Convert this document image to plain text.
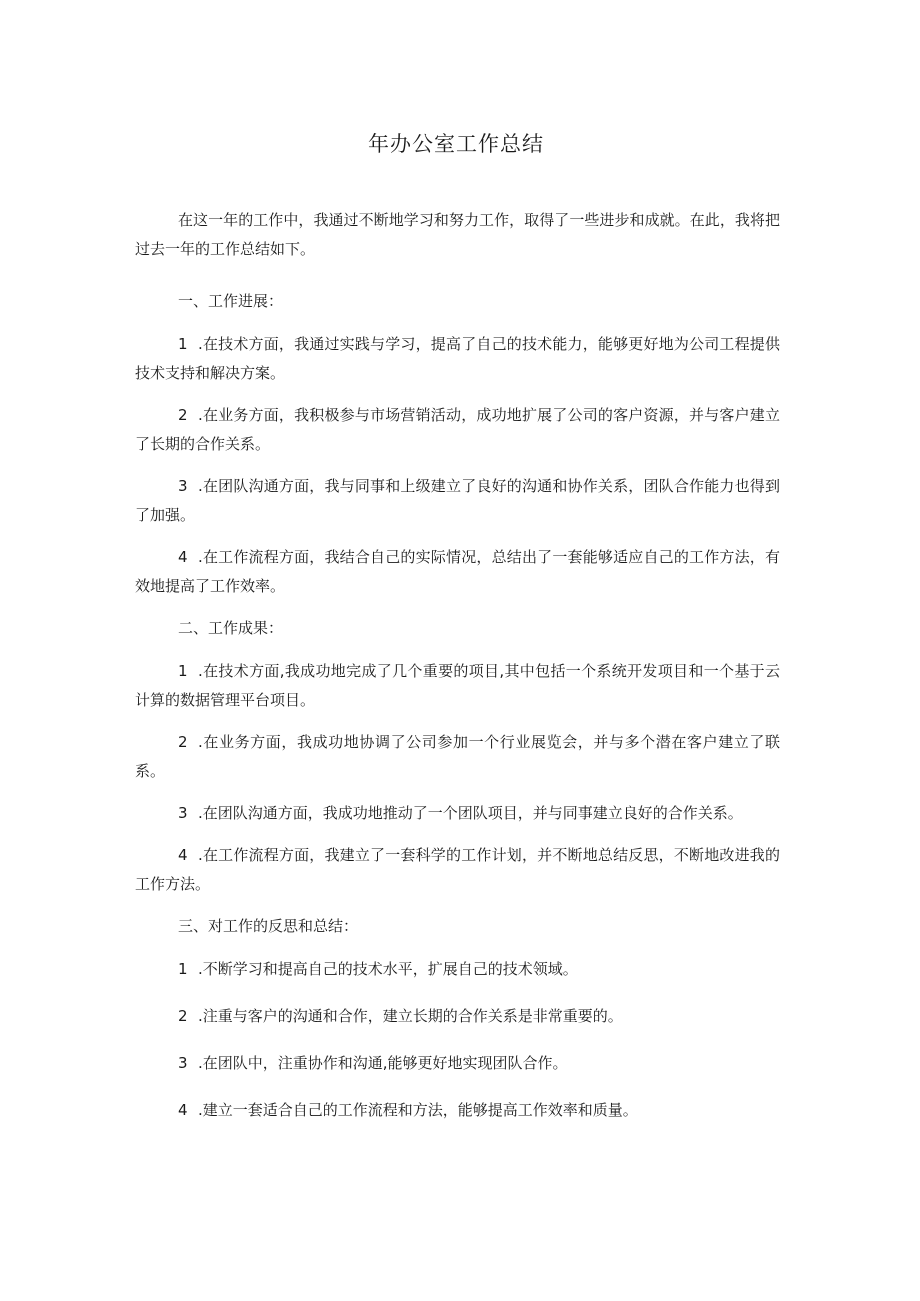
年办公室工作总结

在这一年的工作中，我通过不断地学习和努力工作，取得了一些进步和成就。在此，我将把过去一年的工作总结如下。

一、工作进展：

1 .在技术方面，我通过实践与学习，提高了自己的技术能力，能够更好地为公司工程提供技术支持和解决方案。

2 .在业务方面，我积极参与市场营销活动，成功地扩展了公司的客户资源，并与客户建立了长期的合作关系。

3 .在团队沟通方面，我与同事和上级建立了良好的沟通和协作关系，团队合作能力也得到了加强。

4 .在工作流程方面，我结合自己的实际情况，总结出了一套能够适应自己的工作方法，有效地提高了工作效率。

二、工作成果：

1 .在技术方面,我成功地完成了几个重要的项目,其中包括一个系统开发项目和一个基于云计算的数据管理平台项目。

2 .在业务方面，我成功地协调了公司参加一个行业展览会，并与多个潜在客户建立了联系。

3 .在团队沟通方面，我成功地推动了一个团队项目，并与同事建立良好的合作关系。

4 .在工作流程方面，我建立了一套科学的工作计划，并不断地总结反思，不断地改进我的工作方法。

三、对工作的反思和总结：

1 .不断学习和提高自己的技术水平，扩展自己的技术领域。

2 .注重与客户的沟通和合作，建立长期的合作关系是非常重要的。

3 .在团队中，注重协作和沟通,能够更好地实现团队合作。

4 .建立一套适合自己的工作流程和方法，能够提高工作效率和质量。
